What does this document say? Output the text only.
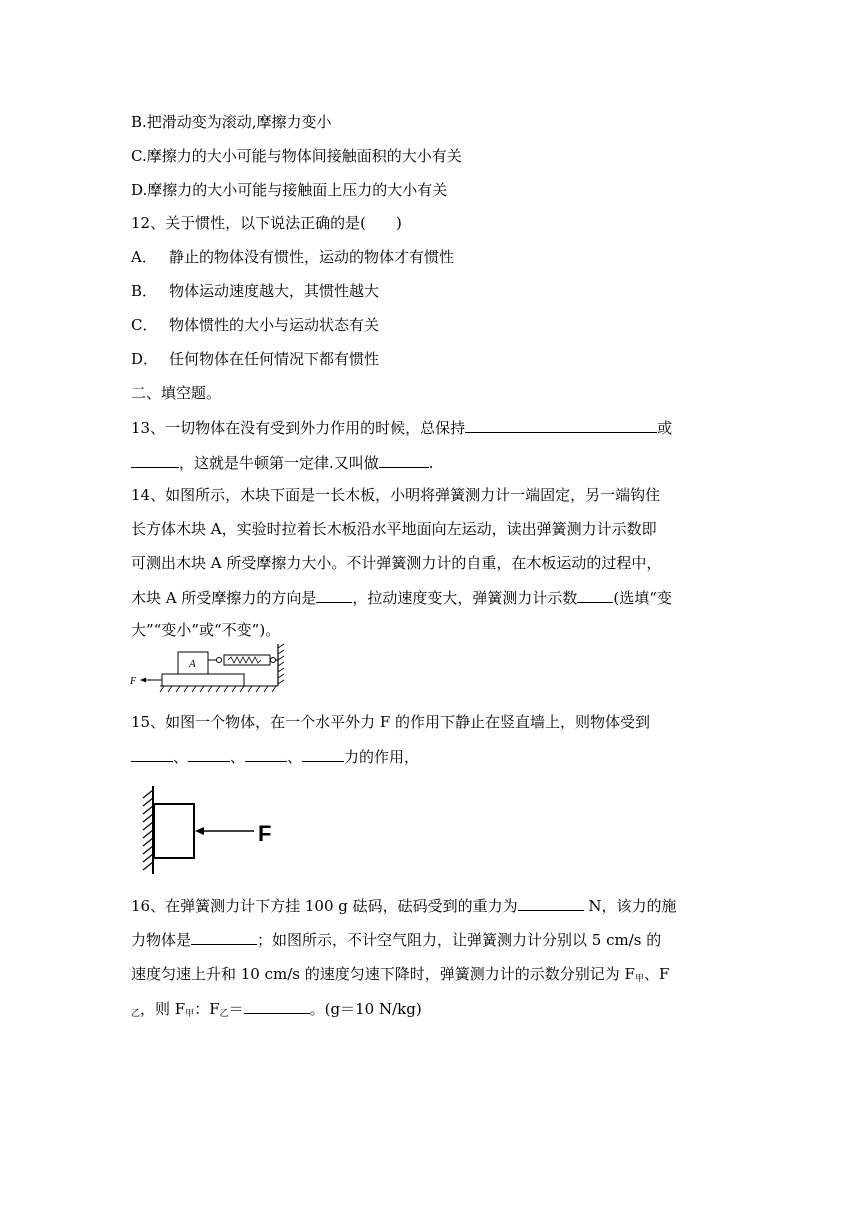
B.把滑动变为滚动,摩擦力变小
C.摩擦力的大小可能与物体间接触面积的大小有关
D.摩擦力的大小可能与接触面上压力的大小有关
12、关于惯性，以下说法正确的是(　　)
A． 静止的物体没有惯性，运动的物体才有惯性
B． 物体运动速度越大，其惯性越大
C． 物体惯性的大小与运动状态有关
D． 任何物体在任何情况下都有惯性
二、填空题。
13、一切物体在没有受到外力作用的时候，总保持	或
，这就是牛顿第一定律.又叫做	.
14、如图所示，木块下面是一长木板，小明将弹簧测力计一端固定，另一端钩住
长方体木块 A，实验时拉着长木板沿水平地面向左运动，读出弹簧测力计示数即
可测出木块 A 所受摩擦力大小。不计弹簧测力计的自重，在木板运动的过程中，
木块 A 所受摩擦力的方向是 ，拉动速度变大，弹簧测力计示数 (选填“变
大”“变小”或“不变”)。
A
F
15、如图一个物体，在一个水平外力 F 的作用下静止在竖直墙上，则物体受到
、	、	、	力的作用，
F
16、在弹簧测力计下方挂 100 g 砝码，砝码受到的重力为	N，该力的施
力物体是	；如图所示，不计空气阻力，让弹簧测力计分别以 5 cm/s 的
速度匀速上升和 10 cm/s 的速度匀速下降时，弹簧测力计的示数分别记为 $F_甲$、F
$_乙$，则 $F_甲$：$F_乙=$	。(g＝10 N/kg)
